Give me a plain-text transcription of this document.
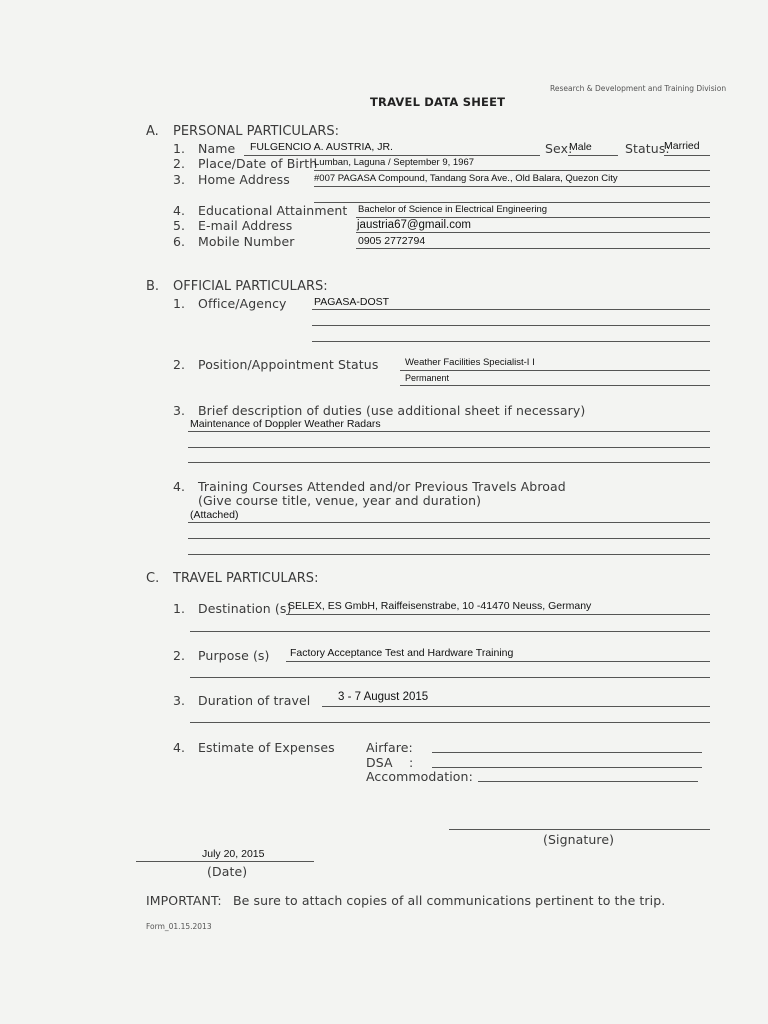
Research & Development and Training Division
TRAVEL DATA SHEET
A. PERSONAL PARTICULARS:
1. Name FULGENCIO A. AUSTRIA, JR.	Sex:
Male	Status:
Married
2. Place/Date of Birth
Lumban, Laguna / September 9, 1967
3. Home Address	#007 PAGASA Compound, Tandang Sora Ave., Old Balara, Quezon City
4. Educational Attainment Bachelor of Science in Electrical Engineering
5. E-mail Address	jaustria67@gmail.com
6. Mobile Number	0905 2772794
B. OFFICIAL PARTICULARS:
1. Office/Agency	PAGASA-DOST
2. Position/Appointment Status	Weather Facilities Specialist-I I
Permanent
3. Brief description of duties (use additional sheet if necessary)
Maintenance of Doppler Weather Radars
4. Training Courses Attended and/or Previous Travels Abroad
(Give course title, venue, year and duration)
(Attached)
C. TRAVEL PARTICULARS:
1. Destination (s)
SELEX, ES GmbH, Raiffeisenstrabe, 10 -41470 Neuss, Germany
2. Purpose (s) Factory Acceptance Test and Hardware Training
3. Duration of travel 3 - 7 August 2015
4. Estimate of Expenses Airfare:
DSA :
Accommodation:
(Signature)
July 20, 2015
(Date)
IMPORTANT: Be sure to attach copies of all communications pertinent to the trip.
Form_01.15.2013
